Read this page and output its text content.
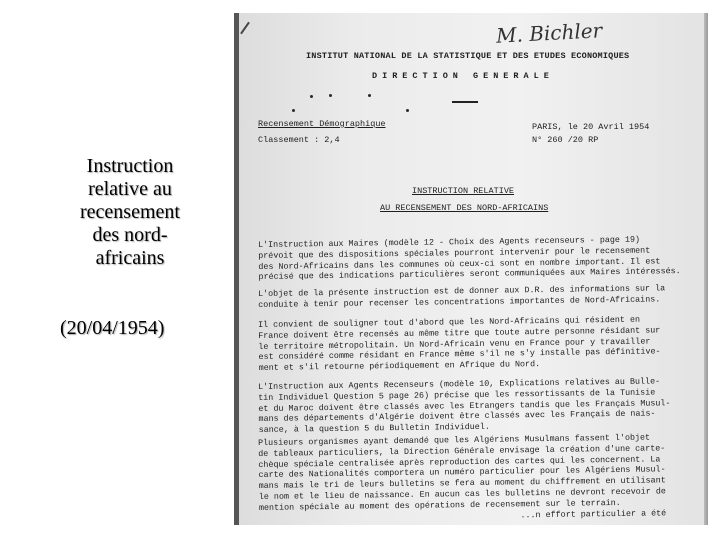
Instruction
relative au
recensement
des nord-
africains
(20/04/1954)
M. Bichler
INSTITUT NATIONAL DE LA STATISTIQUE ET DES ETUDES ECONOMIQUES
DIRECTION GENERALE
Recensement Démographique
Classement : 2,4
PARIS, le 20 Avril 1954
N° 260 /20 RP
INSTRUCTION RELATIVE
AU RECENSEMENT DES NORD-AFRICAINS
L'Instruction aux Maires (modèle 12 - Choix des Agents recenseurs - page 19)
prévoit que des dispositions spéciales pourront intervenir pour le recensement
des Nord-Africains dans les communes où ceux-ci sont en nombre important. Il est
précisé que des indications particulières seront communiquées aux Maires intéressés.
L'objet de la présente instruction est de donner aux D.R. des informations sur la
conduite à tenir pour recenser les concentrations importantes de Nord-Africains.
Il convient de souligner tout d'abord que les Nord-Africains qui résident en
France doivent être recensés au même titre que toute autre personne résidant sur
le territoire métropolitain. Un Nord-Africain venu en France pour y travailler
est considéré comme résidant en France même s'il ne s'y installe pas définitive-
ment et s'il retourne périodiquement en Afrique du Nord.
L'Instruction aux Agents Recenseurs (modèle 10, Explications relatives au Bulle-
tin Individuel Question 5 page 26) précise que les ressortissants de la Tunisie
et du Maroc doivent être classés avec les Etrangers tandis que les Français Musul-
mans des départements d'Algérie doivent être classés avec les Français de nais-
sance, à la question 5 du Bulletin Individuel.
Plusieurs organismes ayant demandé que les Algériens Musulmans fassent l'objet
de tableaux particuliers, la Direction Générale envisage la création d'une carte-
chèque spéciale centralisée après reproduction des cartes qui les concernent. La
carte des Nationalités comportera un numéro particulier pour les Algériens Musul-
mans mais le tri de leurs bulletins se fera au moment du chiffrement en utilisant
le nom et le lieu de naissance. En aucun cas les bulletins ne devront recevoir de
mention spéciale au moment des opérations de recensement sur le terrain.
...n effort particulier a été
